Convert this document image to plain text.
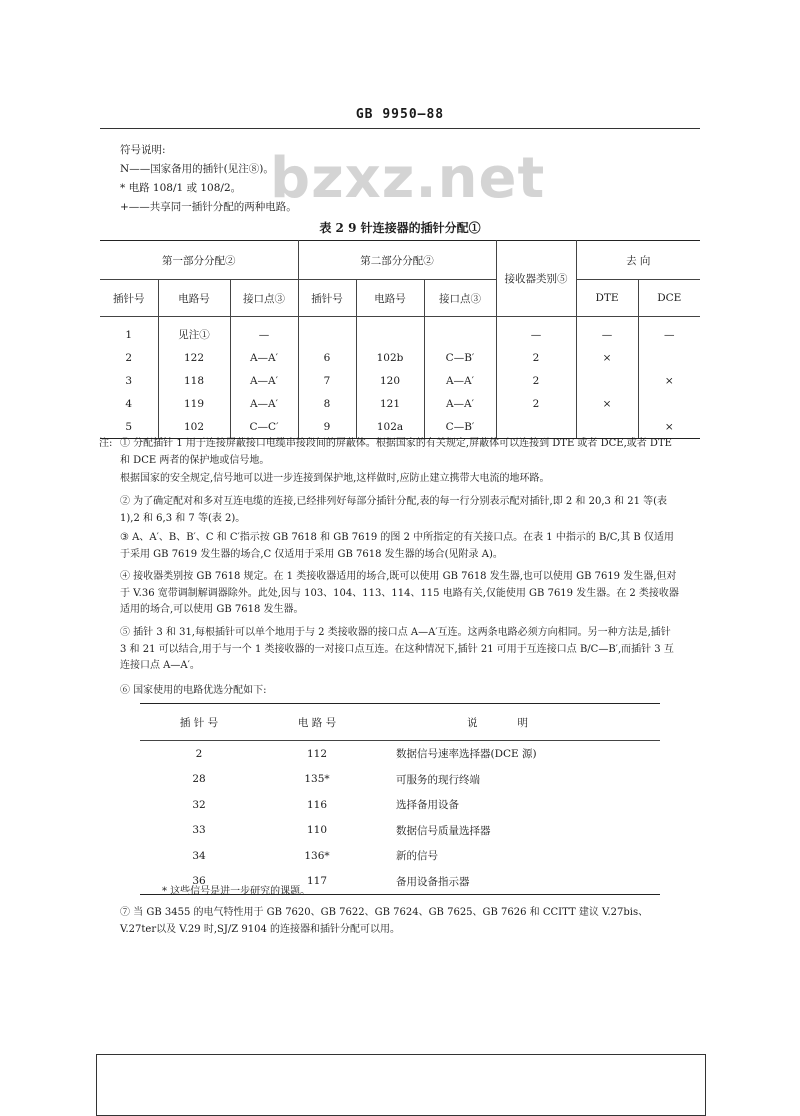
GB 9950—88
bzxz.net
符号说明:
N——国家备用的插针(见注⑧)。
* 电路 108/1 或 108/2。
+——共享同一插针分配的两种电路。
表 2 9 针连接器的插针分配①
第一部分分配②			第二部分分配②			接收器类别⑤	去 向	
插针号	电路号	接口点③	插针号	电路号	接口点③		DTE	DCE
1	见注①	—				—	—	—
2	122	A—A′	6	102b	C—B′	2	×	
3	118	A—A′	7	120	A—A′	2		×
4	119	A—A′	8	121	A—A′	2	×	
5	102	C—C′	9	102a	C—B′			×
注: ① 分配插针 1 用于连接屏蔽接口电缆串接段间的屏蔽体。根据国家的有关规定,屏蔽体可以连接到 DTE 或者 DCE,或者 DTE 和 DCE 两者的保护地或信号地。
根据国家的安全规定,信号地可以进一步连接到保护地,这样做时,应防止建立携带大电流的地环路。
② 为了确定配对和多对互连电缆的连接,已经排列好每部分插针分配,表的每一行分别表示配对插针,即 2 和 20,3 和 21 等(表 1),2 和 6,3 和 7 等(表 2)。
③ A、A′、B、B′、C 和 C′指示按 GB 7618 和 GB 7619 的图 2 中所指定的有关接口点。在表 1 中指示的 B/C,其 B 仅适用于采用 GB 7619 发生器的场合,C 仅适用于采用 GB 7618 发生器的场合(见附录 A)。
④ 接收器类别按 GB 7618 规定。在 1 类接收器适用的场合,既可以使用 GB 7618 发生器,也可以使用 GB 7619 发生器,但对于 V.36 宽带调制解调器除外。此处,因与 103、104、113、114、115 电路有关,仅能使用 GB 7619 发生器。在 2 类接收器适用的场合,可以使用 GB 7618 发生器。
⑤ 插针 3 和 31,每根插针可以单个地用于与 2 类接收器的接口点 A—A′互连。这两条电路必须方向相同。另一种方法是,插针 3 和 21 可以结合,用于与一个 1 类接收器的一对接口点互连。在这种情况下,插针 21 可用于互连接口点 B/C—B′,而插针 3 互连接口点 A—A′。
⑥ 国家使用的电路优选分配如下:
插 针 号	电 路 号	说明
2	112	数据信号速率选择器(DCE 源)
28	135*	可服务的现行终端
32	116	选择备用设备
33	110	数据信号质量选择器
34	136*	新的信号
36	117	备用设备指示器
* 这些信号是进一步研究的课题。
⑦ 当 GB 3455 的电气特性用于 GB 7620、GB 7622、GB 7624、GB 7625、GB 7626 和 CCITT 建议 V.27bis、V.27ter以及 V.29 时,SJ/Z 9104 的连接器和插针分配可以用。
